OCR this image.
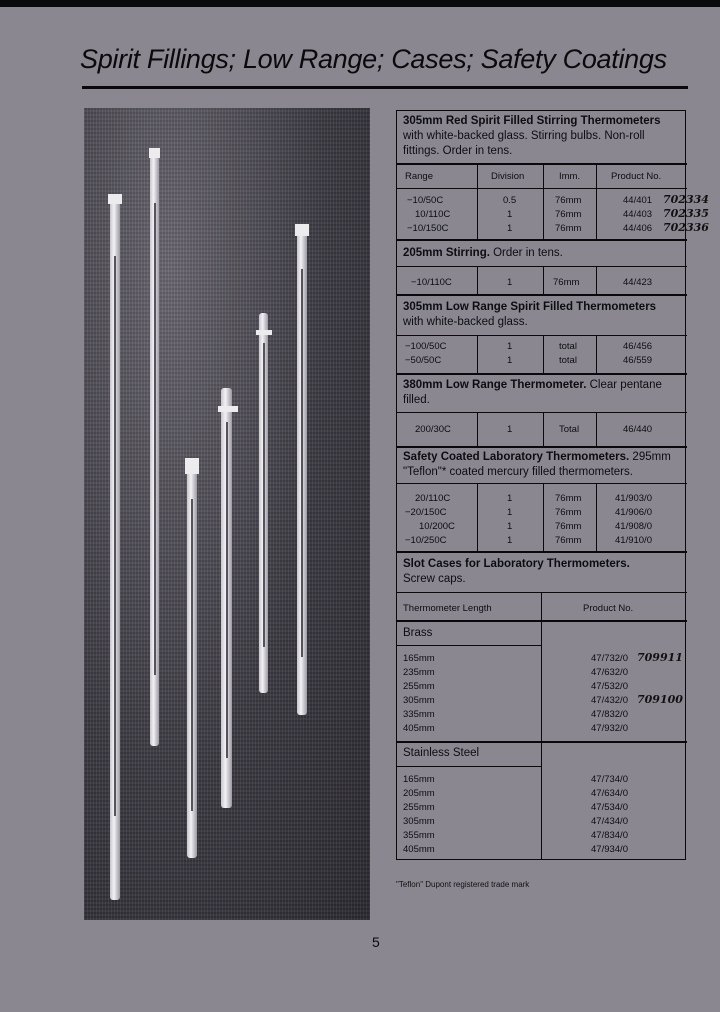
Spirit Fillings; Low Range; Cases; Safety Coatings
305mm Red Spirit Filled Stirring Thermometers
with white-backed glass. Stirring bulbs. Non-roll
fittings. Order in tens.
Range	Division	Imm.	Product No.
−10/50C	0.5	76mm	44/401
10/110C	1	76mm	44/403
−10/150C	1	76mm	44/406
702334
702335
702336
205mm Stirring. Order in tens.
−10/110C	1	76mm	44/423
305mm Low Range Spirit Filled Thermometers
with white-backed glass.
−100/50C	1	total	46/456
−50/50C	1	total	46/559
380mm Low Range Thermometer. Clear pentane
filled.
200/30C	1	Total	46/440
Safety Coated Laboratory Thermometers. 295mm
"Teflon"* coated mercury filled thermometers.
20/110C	1	76mm	41/903/0
−20/150C	1	76mm	41/906/0
10/200C	1	76mm	41/908/0
−10/250C	1	76mm	41/910/0
Slot Cases for Laboratory Thermometers.
Screw caps.
Thermometer Length	Product No.
Brass
165mm	47/732/0
235mm	47/632/0
255mm	47/532/0
305mm	47/432/0
335mm	47/832/0
405mm	47/932/0
709911
709100
Stainless Steel
165mm	47/734/0
205mm	47/634/0
255mm	47/534/0
305mm	47/434/0
355mm	47/834/0
405mm	47/934/0
"Teflon" Dupont registered trade mark
5
